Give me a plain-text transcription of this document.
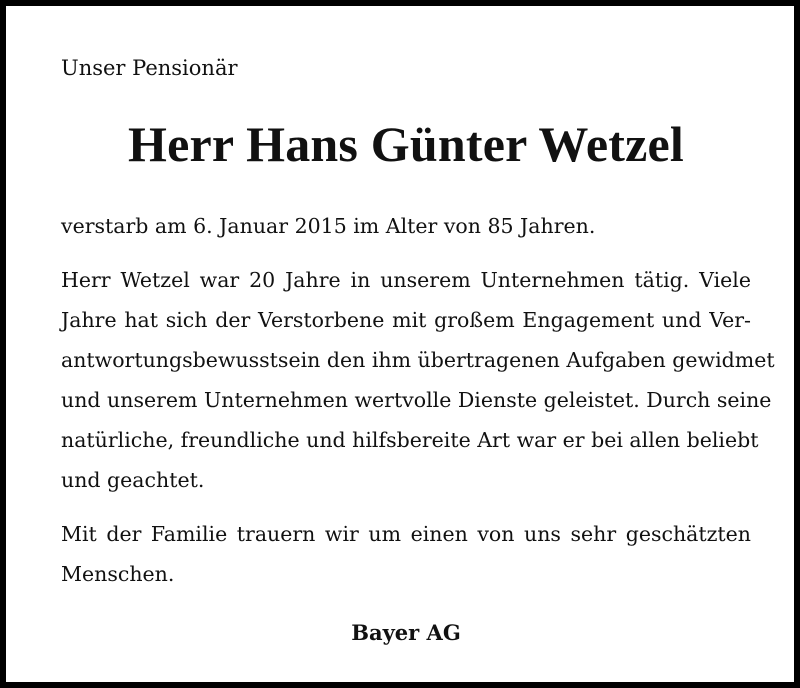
Unser Pensionär
Herr Hans Günter Wetzel
verstarb am 6. Januar 2015 im Alter von 85 Jahren.
Herr Wetzel war 20 Jahre in unserem Unternehmen tätig. Viele
Jahre hat sich der Verstorbene mit großem Engagement und Ver-
antwortungsbewusstsein den ihm übertragenen Aufgaben gewidmet
und unserem Unternehmen wertvolle Dienste geleistet. Durch seine
natürliche, freundliche und hilfsbereite Art war er bei allen beliebt
und geachtet.
Mit der Familie trauern wir um einen von uns sehr geschätzten
Menschen.
Bayer AG
